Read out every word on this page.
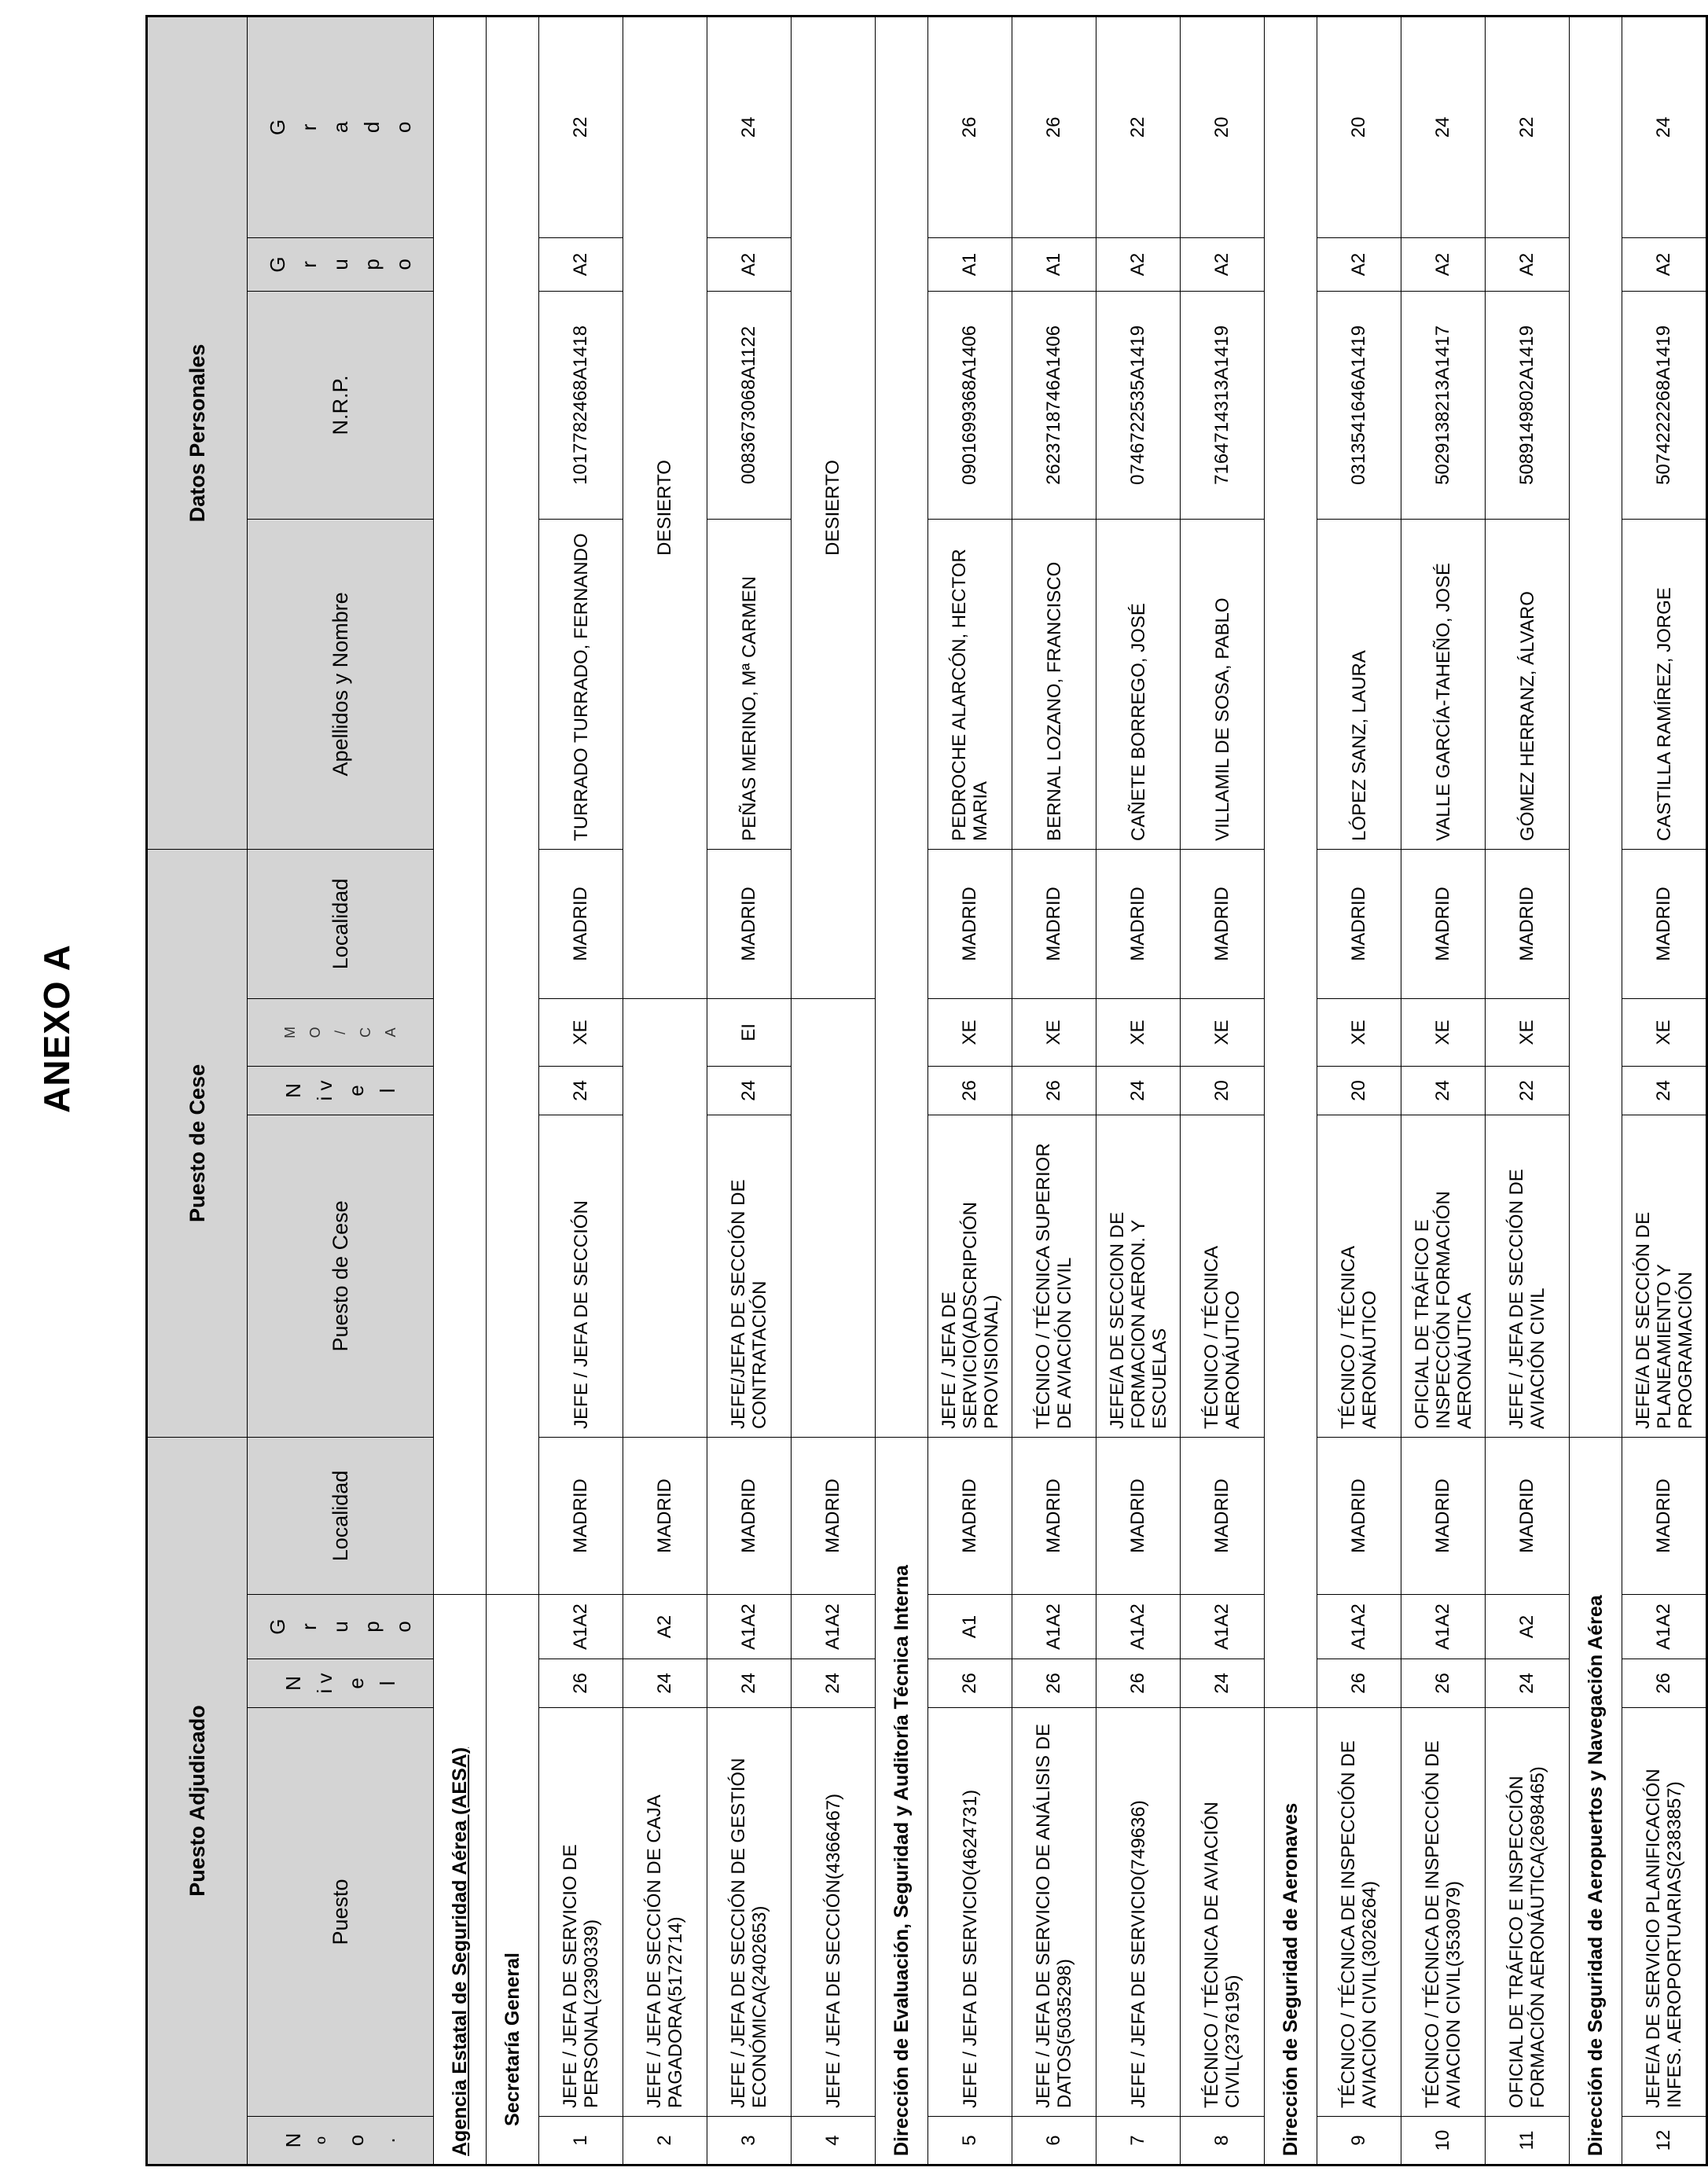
ANEXO A
Puesto Adjudicado					Puesto de Cese				Datos Personales			
N º o .	Puesto	N i v e l	G r u p o	Localidad	Puesto de Cese	N i v e l	M O / C A	Localidad	Apellidos y Nombre	N.R.P.	G r u p o	G r a d o
Agencia Estatal de Seguridad Aérea (AESA)												
Secretaría General												
1	JEFE / JEFA DE SERVICIO DE PERSONAL(2390339)	26	A1A2	MADRID	JEFE / JEFA DE SECCIÓN	24	XE	MADRID	TURRADO TURRADO, FERNANDO	1017782468A1418	A2	22
2	JEFE / JEFA DE SECCIÓN DE CAJA PAGADORA(5172714)	24	A2	MADRID				DESIERTO				
3	JEFE / JEFA DE SECCIÓN DE GESTIÓN ECONÓMICA(2402653)	24	A1A2	MADRID	JEFE/JEFA DE SECCIÓN DE CONTRATACIÓN	24	EI	MADRID	PEÑAS MERINO, Mª CARMEN	0083673068A1122	A2	24
4	JEFE / JEFA DE SECCIÓN(4366467)	24	A1A2	MADRID				DESIERTO				
Dirección de Evaluación, Seguridad y Auditoría Técnica Interna												
5	JEFE / JEFA DE SERVICIO(4624731)	26	A1	MADRID	JEFE / JEFA DE SERVICIO(ADSCRIPCIÓN PROVISIONAL)	26	XE	MADRID	PEDROCHE ALARCÓN, HECTOR MARIA	0901699368A1406	A1	26
6	JEFE / JEFA DE SERVICIO DE ANÁLISIS DE DATOS(5035298)	26	A1A2	MADRID	TÉCNICO / TÉCNICA SUPERIOR DE AVIACIÓN CIVIL	26	XE	MADRID	BERNAL LOZANO, FRANCISCO	2623718746A1406	A1	26
7	JEFE / JEFA DE SERVICIO(749636)	26	A1A2	MADRID	JEFE/A DE SECCION DE FORMACION AERON. Y ESCUELAS	24	XE	MADRID	CAÑETE BORREGO, JOSÉ	0746722535A1419	A2	22
8	TÉCNICO / TÉCNICA DE AVIACIÓN CIVIL(2376195)	24	A1A2	MADRID	TÉCNICO / TÉCNICA AERONÁUTICO	20	XE	MADRID	VILLAMIL DE SOSA, PABLO	7164714313A1419	A2	20
Dirección de Seguridad de Aeronaves												
9	TÉCNICO / TÉCNICA DE INSPECCIÓN DE AVIACIÓN CIVIL(3026264)	26	A1A2	MADRID	TÉCNICO / TÉCNICA AERONÁUTICO	20	XE	MADRID	LÓPEZ SANZ, LAURA	0313541646A1419	A2	20
10	TÉCNICO / TÉCNICA DE INSPECCIÓN DE AVIACION CIVIL(3530979)	26	A1A2	MADRID	OFICIAL DE TRÁFICO E INSPECCIÓN FORMACIÓN AERONÁUTICA	24	XE	MADRID	VALLE GARCÍA-TAHEÑO, JOSÉ	5029138213A1417	A2	24
11	OFICIAL DE TRÁFICO E INSPECCIÓN FORMACIÓN AERONÁUTICA(2698465)	24	A2	MADRID	JEFE / JEFA DE SECCIÓN DE AVIACIÓN CIVIL	22	XE	MADRID	GÓMEZ HERRANZ, ÁLVARO	5089149802A1419	A2	22
Dirección de Seguridad de Aeropuertos y Navegación Aérea												
12	JEFE/A DE SERVICIO PLANIFICACIÓN INFES. AEROPORTUARIAS(2383857)	26	A1A2	MADRID	JEFE/A DE SECCIÓN DE PLANEAMIENTO Y PROGRAMACIÓN	24	XE	MADRID	CASTILLA RAMÍREZ, JORGE	5074222268A1419	A2	24
